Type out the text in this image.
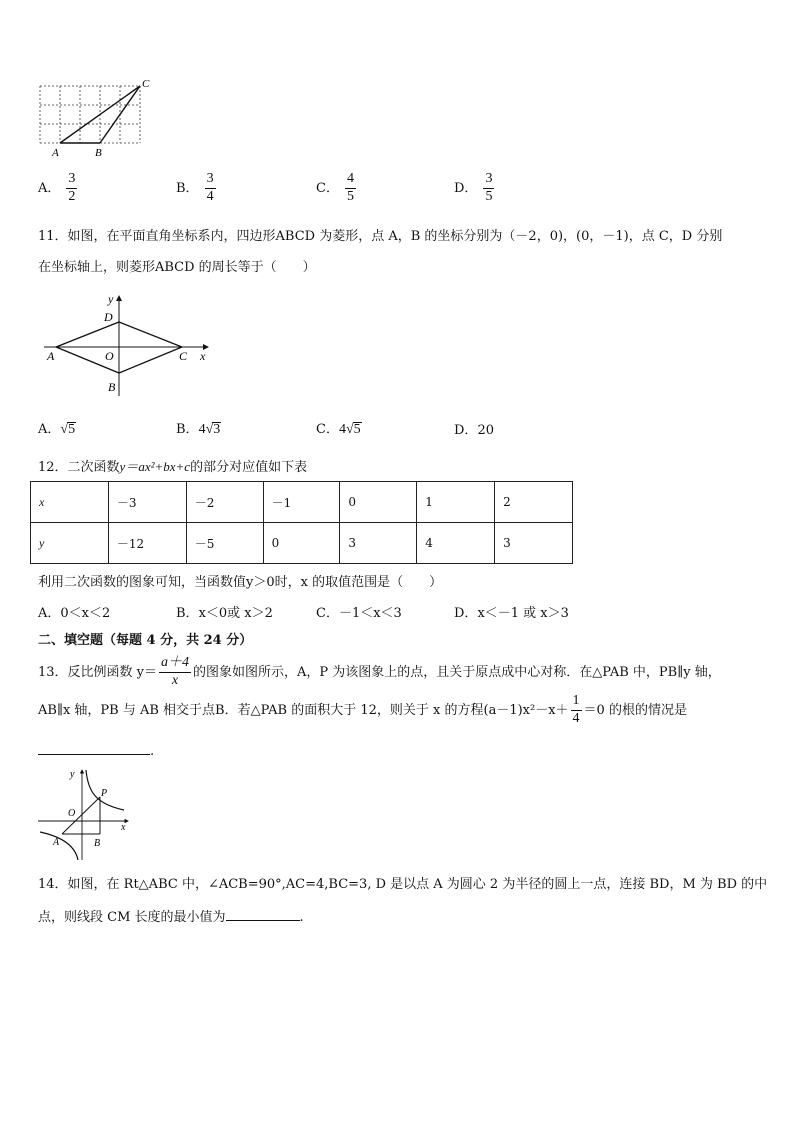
A	B
C
A． $\frac{3}{2}$	B． $\frac{3}{4}$	C． $\frac{4}{5}$	D． $\frac{3}{5}$
11．如图，在平面直角坐标系内，四边形ABCD 为菱形，点 A，B 的坐标分别为（－2，0)，(0，－1)，点 C，D 分别
在坐标轴上，则菱形ABCD 的周长等于（　　）
y
x
D
A	O	C
B
A． √ 5	B． 4 √ 3	C． 4 √ 5	D． 20
12．二次函数y＝ax²+bx+c的部分对应值如下表
x	－3	－2	－1	0	1	2
y	－12	－5	0	3	4	3
利用二次函数的图象可知，当函数值y＞0时，x 的取值范围是（　　）
A．0＜x＜2	B．x＜0或 x＞2	C．－1＜x＜3	D．x＜－1 或 x＞3
二、填空题（每题 4 分，共 24 分）
13．反比例函数 $y= \frac{a+4}{x}$ 的图象如图所示，A，P 为该图象上的点，且关于原点成中心对称．在△PAB 中，PB∥y 轴，
AB∥x 轴，PB 与 AB 相交于点B．若△PAB 的面积大于 12，则关于 x 的方程$(a-1)x^2-x+ \frac{1}{4} =0$ 的根的情况是
.
y
x
O
P
A	B
14．如图，在 Rt△ABC 中，∠ACB=90°,AC=4,BC=3, D 是以点 A 为圆心 2 为半径的圆上一点，连接 BD，M 为 BD 的中
点，则线段 CM 长度的最小值为	.
